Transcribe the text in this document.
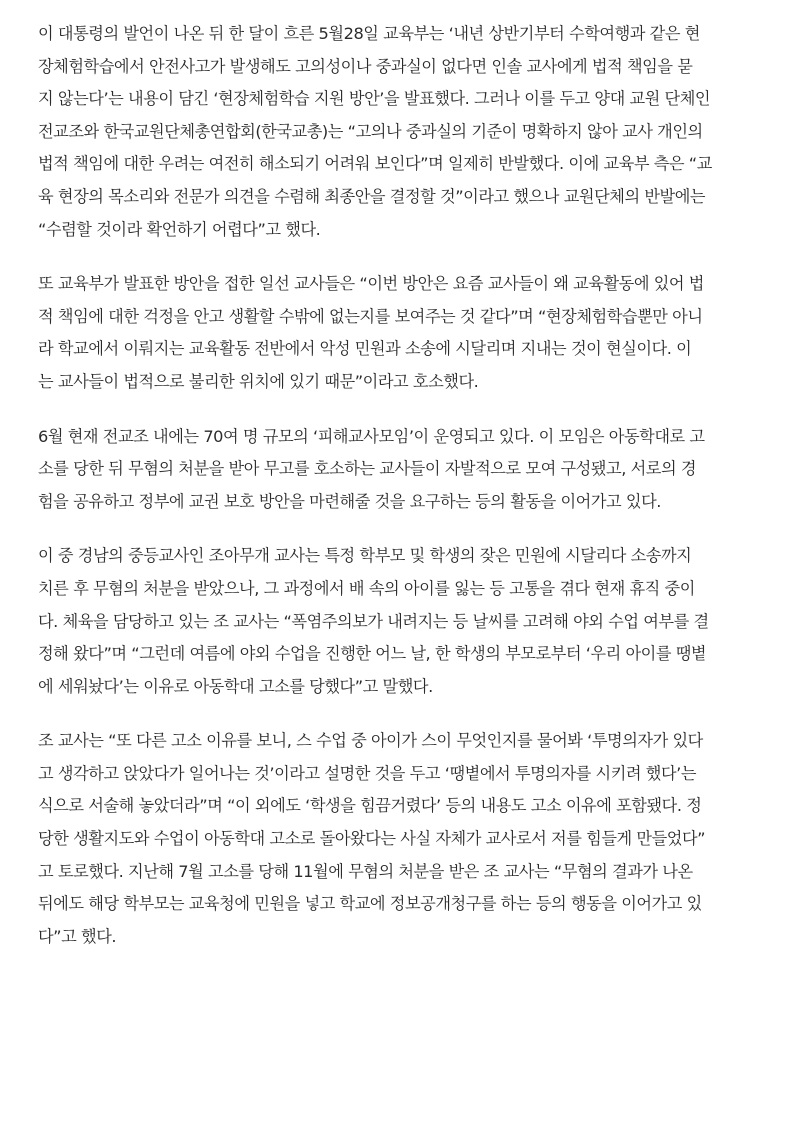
이 대통령의 발언이 나온 뒤 한 달이 흐른 5월28일 교육부는 ‘내년 상반기부터 수학여행과 같은 현
장체험학습에서 안전사고가 발생해도 고의성이나 중과실이 없다면 인솔 교사에게 법적 책임을 묻
지 않는다’는 내용이 담긴 ‘현장체험학습 지원 방안’을 발표했다. 그러나 이를 두고 양대 교원 단체인
전교조와 한국교원단체총연합회(한국교총)는 “고의나 중과실의 기준이 명확하지 않아 교사 개인의
법적 책임에 대한 우려는 여전히 해소되기 어려워 보인다”며 일제히 반발했다. 이에 교육부 측은 “교
육 현장의 목소리와 전문가 의견을 수렴해 최종안을 결정할 것”이라고 했으나 교원단체의 반발에는
“수렴할 것이라 확언하기 어렵다”고 했다.

또 교육부가 발표한 방안을 접한 일선 교사들은 “이번 방안은 요즘 교사들이 왜 교육활동에 있어 법
적 책임에 대한 걱정을 안고 생활할 수밖에 없는지를 보여주는 것 같다”며 “현장체험학습뿐만 아니
라 학교에서 이뤄지는 교육활동 전반에서 악성 민원과 소송에 시달리며 지내는 것이 현실이다. 이
는 교사들이 법적으로 불리한 위치에 있기 때문”이라고 호소했다.

6월 현재 전교조 내에는 70여 명 규모의 ‘피해교사모임’이 운영되고 있다. 이 모임은 아동학대로 고
소를 당한 뒤 무혐의 처분을 받아 무고를 호소하는 교사들이 자발적으로 모여 구성됐고, 서로의 경
험을 공유하고 정부에 교권 보호 방안을 마련해줄 것을 요구하는 등의 활동을 이어가고 있다.

이 중 경남의 중등교사인 조아무개 교사는 특정 학부모 및 학생의 잦은 민원에 시달리다 소송까지
치른 후 무혐의 처분을 받았으나, 그 과정에서 배 속의 아이를 잃는 등 고통을 겪다 현재 휴직 중이
다. 체육을 담당하고 있는 조 교사는 “폭염주의보가 내려지는 등 날씨를 고려해 야외 수업 여부를 결
정해 왔다”며 “그런데 여름에 야외 수업을 진행한 어느 날, 한 학생의 부모로부터 ‘우리 아이를 땡볕
에 세워놨다’는 이유로 아동학대 고소를 당했다”고 말했다.

조 교사는 “또 다른 고소 이유를 보니, 스 수업 중 아이가 스이 무엇인지를 물어봐 ‘투명의자가 있다
고 생각하고 앉았다가 일어나는 것’이라고 설명한 것을 두고 ‘땡볕에서 투명의자를 시키려 했다’는
식으로 서술해 놓았더라”며 “이 외에도 ‘학생을 힘끔거렸다’ 등의 내용도 고소 이유에 포함됐다. 정
당한 생활지도와 수업이 아동학대 고소로 돌아왔다는 사실 자체가 교사로서 저를 힘들게 만들었다”
고 토로했다. 지난해 7월 고소를 당해 11월에 무혐의 처분을 받은 조 교사는 “무혐의 결과가 나온
뒤에도 해당 학부모는 교육청에 민원을 넣고 학교에 정보공개청구를 하는 등의 행동을 이어가고 있
다”고 했다.
